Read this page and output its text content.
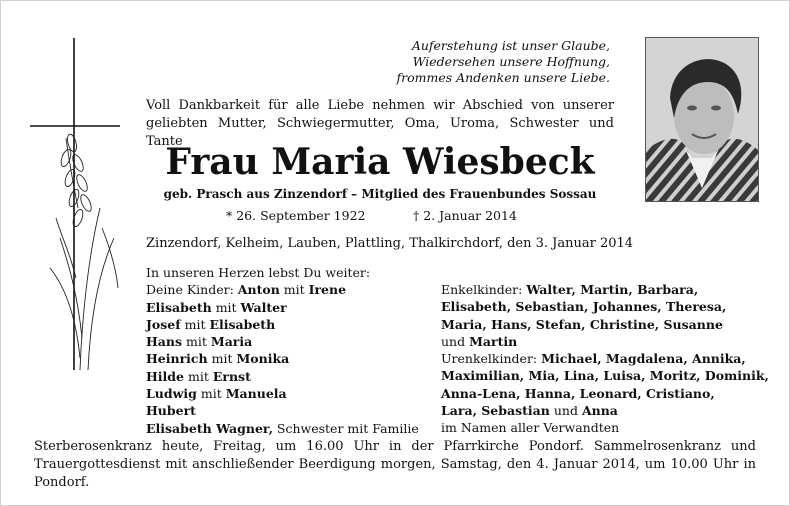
Auferstehung ist unser Glaube,
Wiedersehen unsere Hoffnung,
frommes Andenken unsere Liebe.
Voll Dankbarkeit für alle Liebe nehmen wir Abschied von unserer geliebten Mutter, Schwiegermutter, Oma, Uroma, Schwester und Tante
Frau Maria Wiesbeck
geb. Prasch aus Zinzendorf – Mitglied des Frauenbundes Sossau
* 26. September 1922	† 2. Januar 2014
Zinzendorf, Kelheim, Lauben, Plattling, Thalkirchdorf, den 3. Januar 2014
In unseren Herzen lebst Du weiter:
Deine Kinder: Anton mit Irene
Elisabeth mit Walter
Josef mit Elisabeth
Hans mit Maria
Heinrich mit Monika
Hilde mit Ernst
Ludwig mit Manuela
Hubert
Elisabeth Wagner, Schwester mit Familie
Enkelkinder: Walter, Martin, Barbara,
Elisabeth, Sebastian, Johannes, Theresa,
Maria, Hans, Stefan, Christine, Susanne
und Martin
Urenkelkinder: Michael, Magdalena, Annika,
Maximilian, Mia, Lina, Luisa, Moritz, Dominik,
Anna-Lena, Hanna, Leonard, Cristiano,
Lara, Sebastian und Anna
im Namen aller Verwandten
Sterberosenkranz heute, Freitag, um 16.00 Uhr in der Pfarrkirche Pondorf. Sammelrosenkranz und Trauergottesdienst mit anschließender Beerdigung morgen, Samstag, den 4. Januar 2014, um 10.00 Uhr in Pondorf.
